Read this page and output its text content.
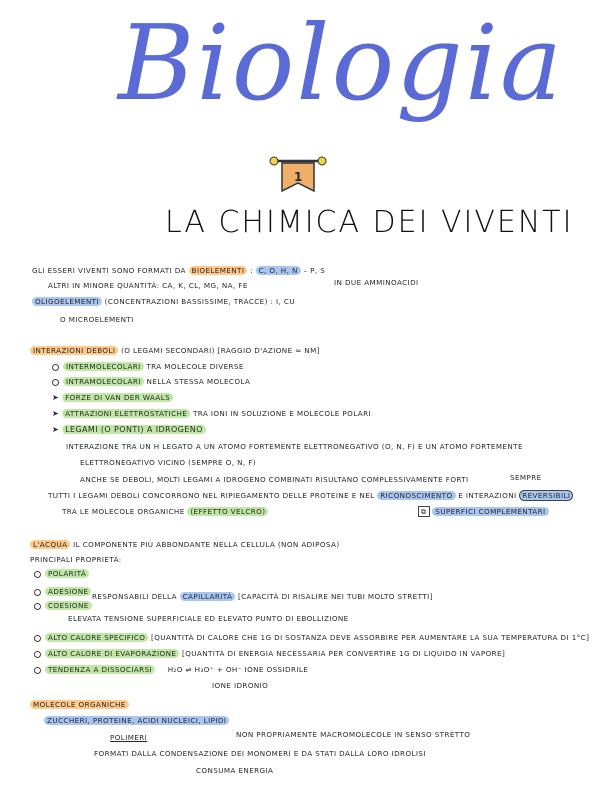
Biologia
1
LA CHIMICA DEI VIVENTI
GLI ESSERI VIVENTI SONO FORMATI DA BIOELEMENTI : C, O, H, N – P, S
IN DUE AMMINOACIDI
ALTRI IN MINORE QUANTITÀ: CA, K, CL, MG, NA, FE
OLIGOELEMENTI (CONCENTRAZIONI BASSISSIME, TRACCE) : I, CU
O MICROELEMENTI
INTERAZIONI DEBOLI (O LEGAMI SECONDARI) [RAGGIO D'AZIONE ≈ NM]
INTERMOLECOLARI TRA MOLECOLE DIVERSE
INTRAMOLECOLARI NELLA STESSA MOLECOLA
➤ FORZE DI VAN DER WAALS
➤ ATTRAZIONI ELETTROSTATICHE TRA IONI IN SOLUZIONE E MOLECOLE POLARI
➤ LEGAMI (O PONTI) A IDROGENO
INTERAZIONE TRA UN H LEGATO A UN ATOMO FORTEMENTE ELETTRONEGATIVO (O, N, F) E UN ATOMO FORTEMENTE
ELETTRONEGATIVO VICINO (SEMPRE O, N, F)
SEMPRE
ANCHE SE DEBOLI, MOLTI LEGAMI A IDROGENO COMBINATI RISULTANO COMPLESSIVAMENTE FORTI
TUTTI I LEGAMI DEBOLI CONCORRONO NEL RIPIEGAMENTO DELLE PROTEINE E NEL RICONOSCIMENTO E INTERAZIONI REVERSIBILI
TRA LE MOLECOLE ORGANICHE (EFFETTO VELCRO)	⧉ SUPERFICI COMPLEMENTARI
L'ACQUA IL COMPONENTE PIÙ ABBONDANTE NELLA CELLULA (NON ADIPOSA)
PRINCIPALI PROPRIETÀ:
POLARITÀ
ADESIONE
COESIONE
RESPONSABILI DELLA CAPILLARITÀ [CAPACITÀ DI RISALIRE NEI TUBI MOLTO STRETTI]
ELEVATA TENSIONE SUPERFICIALE ED ELEVATO PUNTO DI EBOLLIZIONE
ALTO CALORE SPECIFICO [QUANTITÀ DI CALORE CHE 1G DI SOSTANZA DEVE ASSORBIRE PER AUMENTARE LA SUA TEMPERATURA DI 1°C]
ALTO CALORE DI EVAPORAZIONE [QUANTITÀ DI ENERGIA NECESSARIA PER CONVERTIRE 1G DI LIQUIDO IN VAPORE]
TENDENZA A DISSOCIARSI H₂O ⇌ H₃O⁺ + OH⁻ IONE OSSIDRILE
IONE IDRONIO
MOLECOLE ORGANICHE
ZUCCHERI, PROTEINE, ACIDI NUCLEICI, LIPIDI
NON PROPRIAMENTE MACROMOLECOLE IN SENSO STRETTO
POLIMERI
FORMATI DALLA CONDENSAZIONE DEI MONOMERI E DA STATI DALLA LORO IDROLISI
CONSUMA ENERGIA
